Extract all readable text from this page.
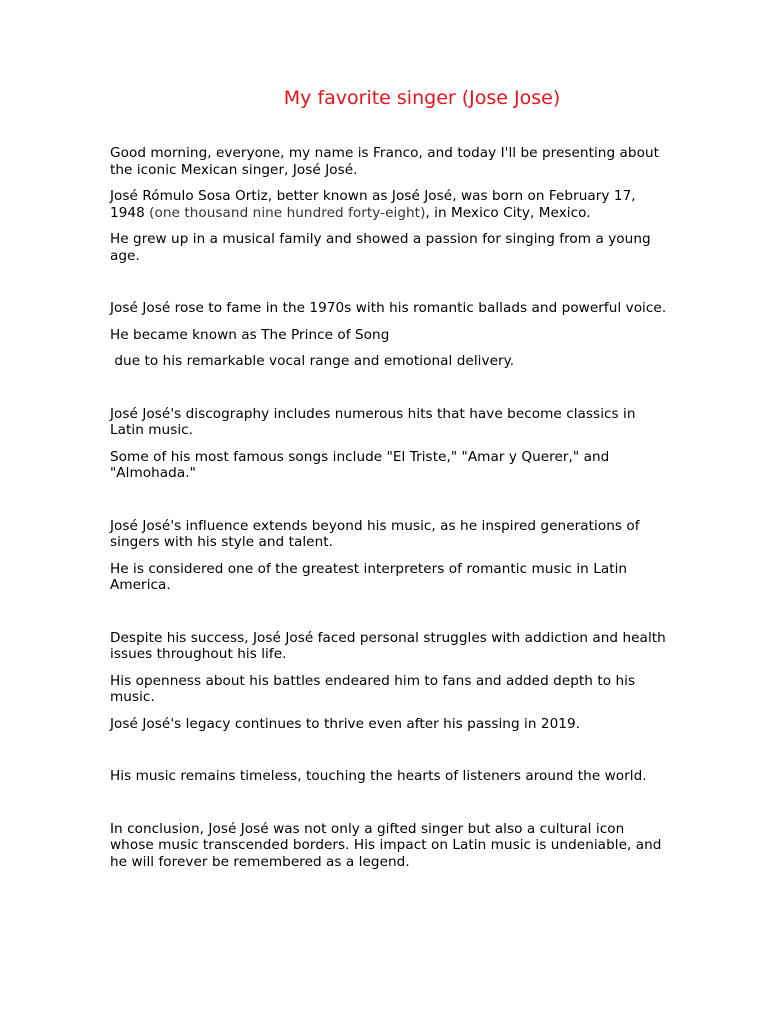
My favorite singer (Jose Jose)

Good morning, everyone, my name is Franco, and today I'll be presenting about the iconic Mexican singer, José José.

José Rómulo Sosa Ortiz, better known as José José, was born on February 17, 1948 (one thousand nine hundred forty-eight), in Mexico City, Mexico.

He grew up in a musical family and showed a passion for singing from a young age.

José José rose to fame in the 1970s with his romantic ballads and powerful voice.

He became known as The Prince of Song

due to his remarkable vocal range and emotional delivery.

José José's discography includes numerous hits that have become classics in Latin music.

Some of his most famous songs include "El Triste," "Amar y Querer," and "Almohada."

José José's influence extends beyond his music, as he inspired generations of singers with his style and talent.

He is considered one of the greatest interpreters of romantic music in Latin America.

Despite his success, José José faced personal struggles with addiction and health issues throughout his life.

His openness about his battles endeared him to fans and added depth to his music.

José José's legacy continues to thrive even after his passing in 2019.

His music remains timeless, touching the hearts of listeners around the world.

In conclusion, José José was not only a gifted singer but also a cultural icon whose music transcended borders. His impact on Latin music is undeniable, and he will forever be remembered as a legend.
